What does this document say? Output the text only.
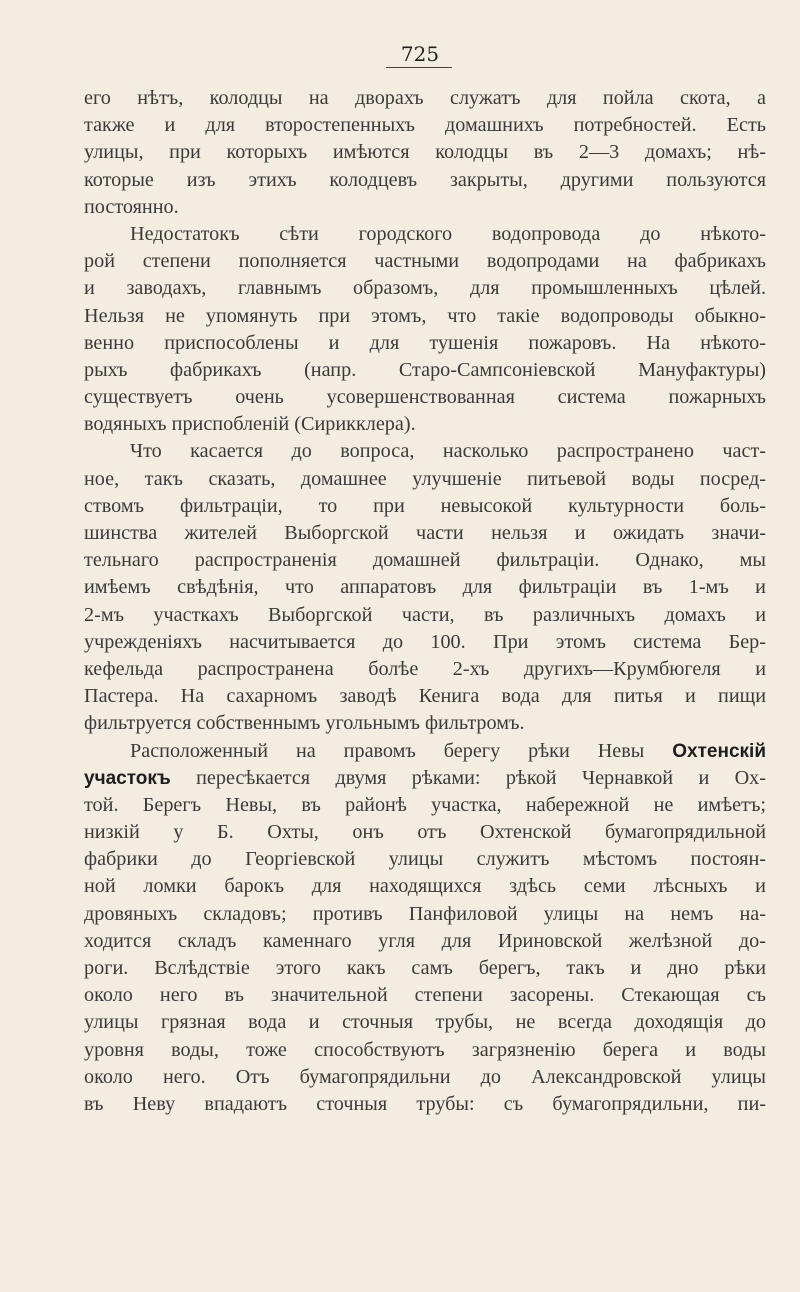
725
его нѣтъ, колодцы на дворахъ служатъ для пойла скота, а
также и для второстепенныхъ домашнихъ потребностей. Есть
улицы, при которыхъ имѣются колодцы въ 2—3 домахъ; нѣ-
которые изъ этихъ колодцевъ закрыты, другими пользуются
постоянно.
Недостатокъ сѣти городского водопровода до нѣкото-
рой степени пополняется частными водопродами на фабрикахъ
и заводахъ, главнымъ образомъ, для промышленныхъ цѣлей.
Нельзя не упомянуть при этомъ, что такіе водопроводы обыкно-
венно приспособлены и для тушенія пожаровъ. На нѣкото-
рыхъ фабрикахъ (напр. Старо-Сампсоніевской Мануфактуры)
существуетъ очень усовершенствованная система пожарныхъ
водяныхъ приспобленій (Сирикклера).
Что касается до вопроса, насколько распространено част-
ное, такъ сказать, домашнее улучшеніе питьевой воды посред-
ствомъ фильтраціи, то при невысокой культурности боль-
шинства жителей Выборгской части нельзя и ожидать значи-
тельнаго распространенія домашней фильтраціи. Однако, мы
имѣемъ свѣдѣнія, что аппаратовъ для фильтраціи въ 1-мъ и
2-мъ участкахъ Выборгской части, въ различныхъ домахъ и
учрежденіяхъ насчитывается до 100. При этомъ система Бер-
кефельда распространена болѣе 2-хъ другихъ—Крумбюгеля и
Пастера. На сахарномъ заводѣ Кенига вода для питья и пищи
фильтруется собственнымъ угольнымъ фильтромъ.
Расположенный на правомъ берегу рѣки Невы Охтенскій
участокъ пересѣкается двумя рѣками: рѣкой Чернавкой и Ох-
той. Берегъ Невы, въ районѣ участка, набережной не имѣетъ;
низкій у Б. Охты, онъ отъ Охтенской бумагопрядильной
фабрики до Георгіевской улицы служитъ мѣстомъ постоян-
ной ломки барокъ для находящихся здѣсь семи лѣсныхъ и
дровяныхъ складовъ; противъ Панфиловой улицы на немъ на-
ходится складъ каменнаго угля для Ириновской желѣзной до-
роги. Вслѣдствіе этого какъ самъ берегъ, такъ и дно рѣки
около него въ значительной степени засорены. Стекающая съ
улицы грязная вода и сточныя трубы, не всегда доходящія до
уровня воды, тоже способствуютъ загрязненію берега и воды
около него. Отъ бумагопрядильни до Александровской улицы
въ Неву впадаютъ сточныя трубы: съ бумагопрядильни, пи-
